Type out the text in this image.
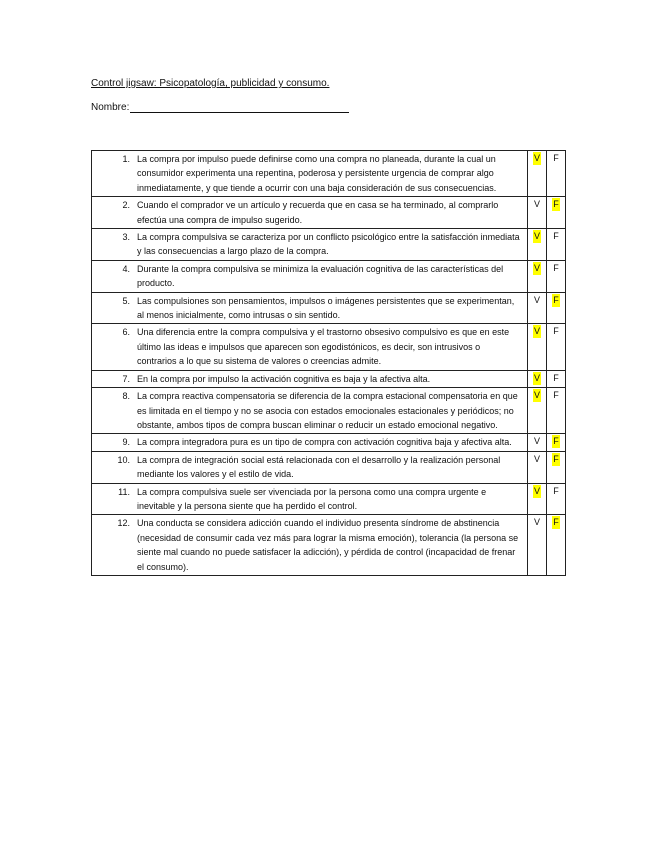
Control jigsaw: Psicopatología, publicidad y consumo.
Nombre:
1. La compra por impulso puede definirse como una compra no planeada, durante la cual un consumidor experimenta una repentina, poderosa y persistente urgencia de comprar algo inmediatamente, y que tiende a ocurrir con una baja consideración de sus consecuencias.	V	F

2. Cuando el comprador ve un artículo y recuerda que en casa se ha terminado, al comprarlo efectúa una compra de impulso sugerido.	V	F

3. La compra compulsiva se caracteriza por un conflicto psicológico entre la satisfacción inmediata y las consecuencias a largo plazo de la compra.	V	F

4. Durante la compra compulsiva se minimiza la evaluación cognitiva de las características del producto.	V	F

5. Las compulsiones son pensamientos, impulsos o imágenes persistentes que se experimentan, al menos inicialmente, como intrusas o sin sentido.	V	F

6. Una diferencia entre la compra compulsiva y el trastorno obsesivo compulsivo es que en este último las ideas e impulsos que aparecen son egodistónicos, es decir, son intrusivos o contrarios a lo que su sistema de valores o creencias admite.	V	F

7. En la compra por impulso la activación cognitiva es baja y la afectiva alta.	V	F

8. La compra reactiva compensatoria se diferencia de la compra estacional compensatoria en que es limitada en el tiempo y no se asocia con estados emocionales estacionales y periódicos; no obstante, ambos tipos de compra buscan eliminar o reducir un estado emocional negativo.	V	F

9. La compra integradora pura es un tipo de compra con activación cognitiva baja y afectiva alta.	V	F

10. La compra de integración social está relacionada con el desarrollo y la realización personal mediante los valores y el estilo de vida.	V	F

11. La compra compulsiva suele ser vivenciada por la persona como una compra urgente e inevitable y la persona siente que ha perdido el control.	V	F

12. Una conducta se considera adicción cuando el individuo presenta síndrome de abstinencia (necesidad de consumir cada vez más para lograr la misma emoción), tolerancia (la persona se siente mal cuando no puede satisfacer la adicción), y pérdida de control (incapacidad de frenar el consumo).	V	F
